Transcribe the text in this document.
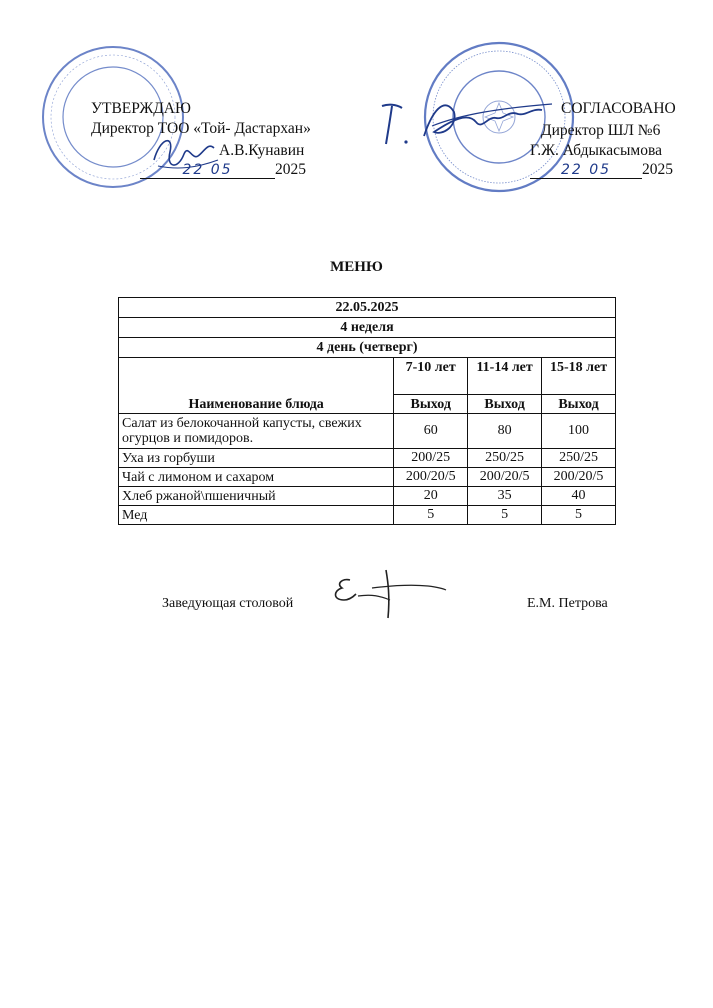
УТВЕРЖДАЮ
Директор ТОО «Той- Дастархан»
А.В.Кунавин
22 05	2025
СОГЛАСОВАНО
Директор ШЛ №6
Г.Ж. Абдыкасымова
22 05 2025
МЕНЮ
22.05.2025			
4 неделя			
4 день (четверг)			
Наименование блюда	7-10 лет	11-14 лет	15-18 лет
	Выход	Выход	Выход
Салат из белокочанной капусты, свежих огурцов и помидоров.	60	80	100
Уха из горбуши	200/25	250/25	250/25
Чай с лимоном и сахаром	200/20/5	200/20/5	200/20/5
Хлеб ржаной\пшеничный	20	35	40
Мед	5	5	5
Заведующая столовой	Е.М. Петрова
